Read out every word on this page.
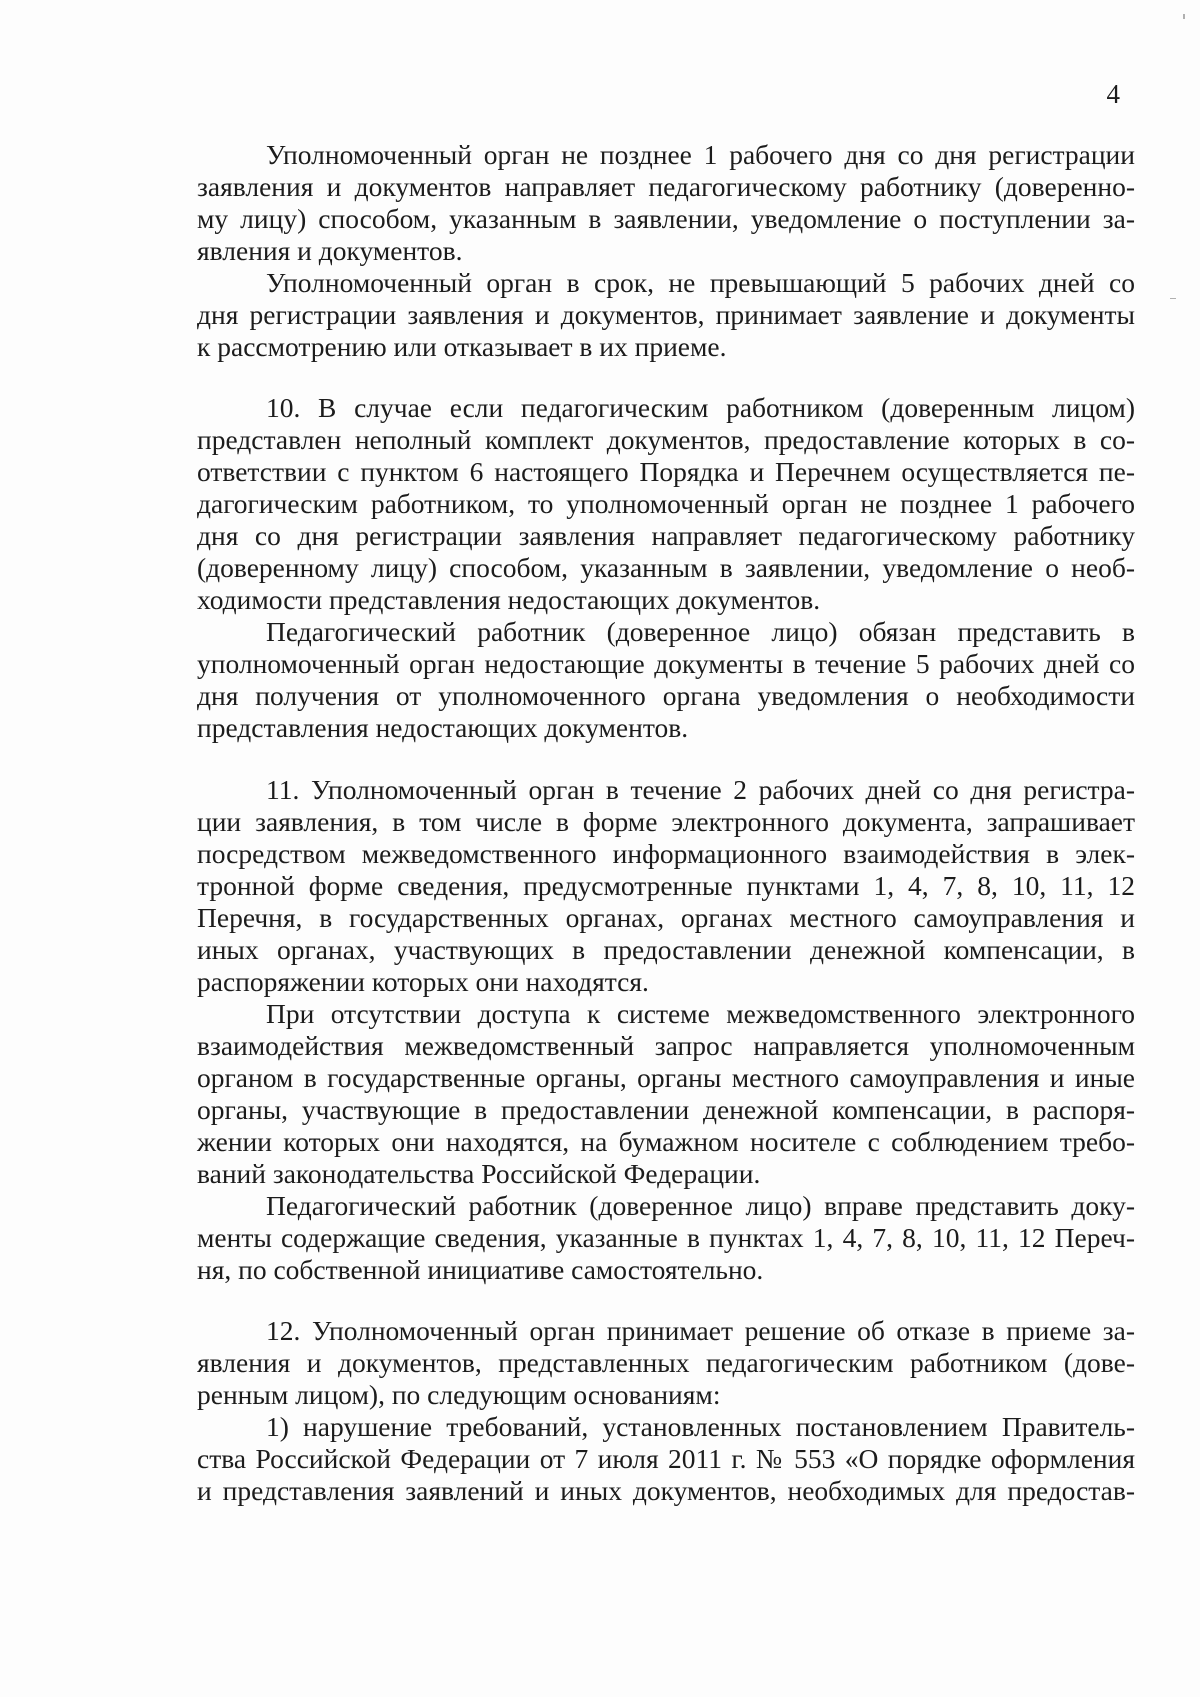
4
Уполномоченный орган не позднее 1 рабочего дня со дня регистрации
заявления и документов направляет педагогическому работнику (доверенно-
му лицу) способом, указанным в заявлении, уведомление о поступлении за-
явления и документов.
Уполномоченный орган в срок, не превышающий 5 рабочих дней со
дня регистрации заявления и документов, принимает заявление и документы
к рассмотрению или отказывает в их приеме.
10. В случае если педагогическим работником (доверенным лицом)
представлен неполный комплект документов, предоставление которых в со-
ответствии с пунктом 6 настоящего Порядка и Перечнем осуществляется пе-
дагогическим работником, то уполномоченный орган не позднее 1 рабочего
дня со дня регистрации заявления направляет педагогическому работнику
(доверенному лицу) способом, указанным в заявлении, уведомление о необ-
ходимости представления недостающих документов.
Педагогический работник (доверенное лицо) обязан представить в
уполномоченный орган недостающие документы в течение 5 рабочих дней со
дня получения от уполномоченного органа уведомления о необходимости
представления недостающих документов.
11. Уполномоченный орган в течение 2 рабочих дней со дня регистра-
ции заявления, в том числе в форме электронного документа, запрашивает
посредством межведомственного информационного взаимодействия в элек-
тронной форме сведения, предусмотренные пунктами 1, 4, 7, 8, 10, 11, 12
Перечня, в государственных органах, органах местного самоуправления и
иных органах, участвующих в предоставлении денежной компенсации, в
распоряжении которых они находятся.
При отсутствии доступа к системе межведомственного электронного
взаимодействия межведомственный запрос направляется уполномоченным
органом в государственные органы, органы местного самоуправления и иные
органы, участвующие в предоставлении денежной компенсации, в распоря-
жении которых они находятся, на бумажном носителе с соблюдением требо-
ваний законодательства Российской Федерации.
Педагогический работник (доверенное лицо) вправе представить доку-
менты содержащие сведения, указанные в пунктах 1, 4, 7, 8, 10, 11, 12 Переч-
ня, по собственной инициативе самостоятельно.
12. Уполномоченный орган принимает решение об отказе в приеме за-
явления и документов, представленных педагогическим работником (дове-
ренным лицом), по следующим основаниям:
1) нарушение требований, установленных постановлением Правитель-
ства Российской Федерации от 7 июля 2011 г. № 553 «О порядке оформления
и представления заявлений и иных документов, необходимых для предостав-
